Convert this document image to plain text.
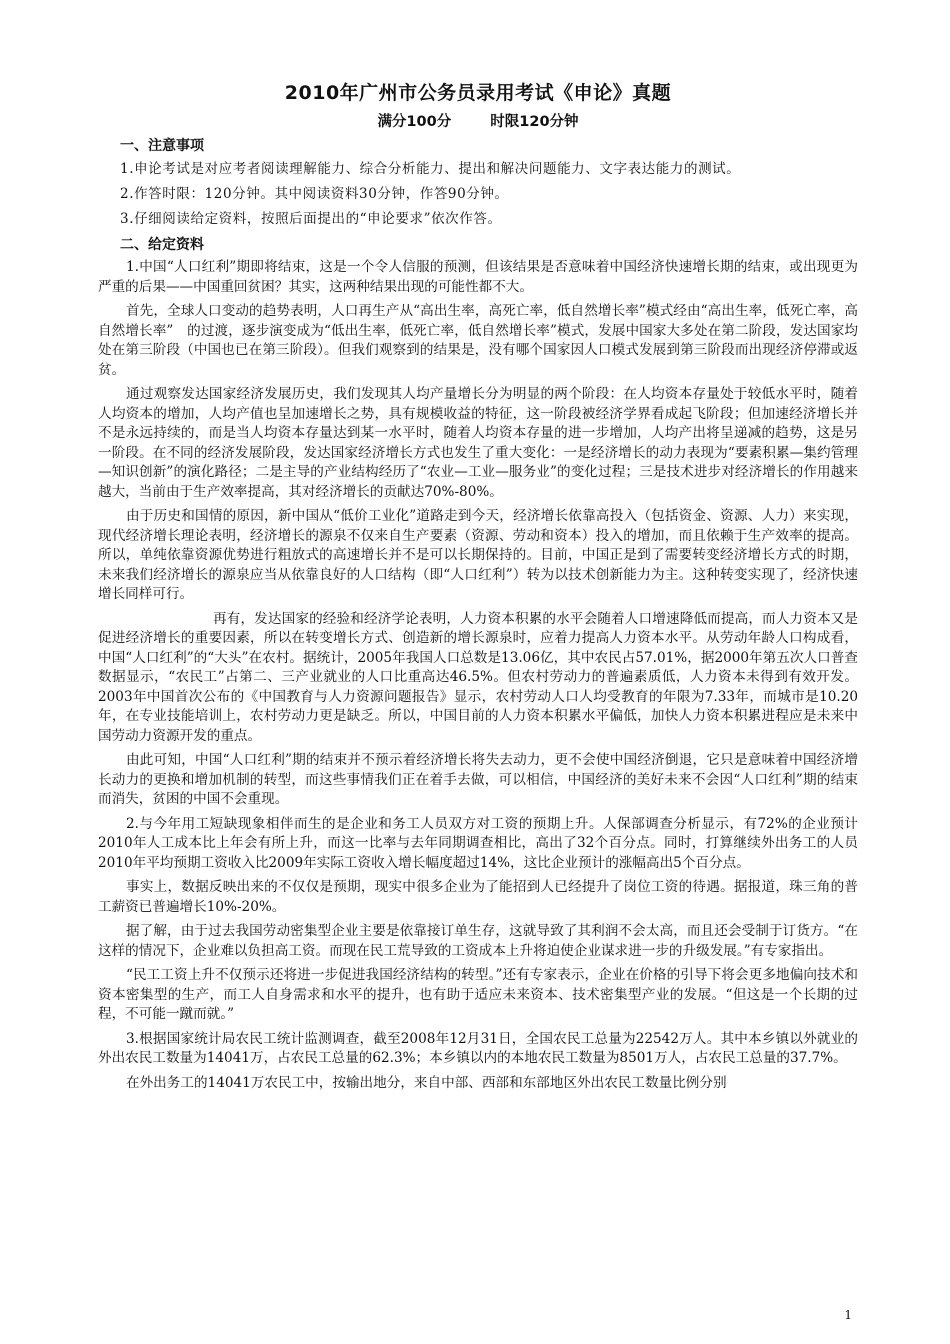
2010年广州市公务员录用考试《申论》真题
满分100分	时限120分钟
一、注意事项
1.申论考试是对应考者阅读理解能力、综合分析能力、提出和解决问题能力、文字表达能力的测试。
2.作答时限：120分钟。其中阅读资料30分钟，作答90分钟。
3.仔细阅读给定资料，按照后面提出的“申论要求”依次作答。
二、给定资料

1.中国“人口红利”期即将结束，这是一个令人信服的预测，但该结果是否意味着中国经济快速增长期的结束，或出现更为严重的后果——中国重回贫困？其实，这两种结果出现的可能性都不大。

首先，全球人口变动的趋势表明，人口再生产从“高出生率，高死亡率，低自然增长率”模式经由“高出生率，低死亡率，高自然增长率”　的过渡，逐步演变成为“低出生率，低死亡率，低自然增长率”模式，发展中国家大多处在第二阶段，发达国家均处在第三阶段（中国也已在第三阶段）。但我们观察到的结果是，没有哪个国家因人口模式发展到第三阶段而出现经济停滞或返贫。

通过观察发达国家经济发展历史，我们发现其人均产量增长分为明显的两个阶段：在人均资本存量处于较低水平时，随着人均资本的增加，人均产值也呈加速增长之势，具有规模收益的特征，这一阶段被经济学界看成起飞阶段；但加速经济增长并不是永远持续的，而是当人均资本存量达到某一水平时，随着人均资本存量的进一步增加，人均产出将呈递减的趋势，这是另一阶段。在不同的经济发展阶段，发达国家经济增长方式也发生了重大变化：一是经济增长的动力表现为“要素积累—集约管理—知识创新”的演化路径；二是主导的产业结构经历了“农业—工业—服务业”的变化过程；三是技术进步对经济增长的作用越来越大，当前由于生产效率提高，其对经济增长的贡献达70%-80%。

由于历史和国情的原因，新中国从“低价工业化”道路走到今天，经济增长依靠高投入（包括资金、资源、人力）来实现，现代经济增长理论表明，经济增长的源泉不仅来自生产要素（资源、劳动和资本）投入的增加，而且依赖于生产效率的提高。所以，单纯依靠资源优势进行粗放式的高速增长并不是可以长期保持的。目前，中国正是到了需要转变经济增长方式的时期，未来我们经济增长的源泉应当从依靠良好的人口结构（即“人口红利”）转为以技术创新能力为主。这种转变实现了，经济快速增长同样可行。

再有，发达国家的经验和经济学论表明，人力资本积累的水平会随着人口增速降低而提高，而人力资本又是促进经济增长的重要因素，所以在转变增长方式、创造新的增长源泉时，应着力提高人力资本水平。从劳动年龄人口构成看，中国“人口红利”的“大头”在农村。据统计，2005年我国人口总数是13.06亿，其中农民占57.01%，据2000年第五次人口普查数据显示，“农民工”占第二、三产业就业的人口比重高达46.5%。但农村劳动力的普遍素质低，人力资本未得到有效开发。2003年中国首次公布的《中国教育与人力资源问题报告》显示，农村劳动人口人均受教育的年限为7.33年，而城市是10.20年，在专业技能培训上，农村劳动力更是缺乏。所以，中国目前的人力资本积累水平偏低，加快人力资本积累进程应是未来中国劳动力资源开发的重点。

由此可知，中国“人口红利”期的结束并不预示着经济增长将失去动力，更不会使中国经济倒退，它只是意味着中国经济增长动力的更换和增加机制的转型，而这些事情我们正在着手去做，可以相信，中国经济的美好未来不会因“人口红利”期的结束而消失，贫困的中国不会重现。

2.与今年用工短缺现象相伴而生的是企业和务工人员双方对工资的预期上升。人保部调查分析显示，有72%的企业预计2010年人工成本比上年会有所上升，而这一比率与去年同期调查相比，高出了32个百分点。同时，打算继续外出务工的人员2010年平均预期工资收入比2009年实际工资收入增长幅度超过14%，这比企业预计的涨幅高出5个百分点。

事实上，数据反映出来的不仅仅是预期，现实中很多企业为了能招到人已经提升了岗位工资的待遇。据报道，珠三角的普工薪资已普遍增长10%-20%。

据了解，由于过去我国劳动密集型企业主要是依靠接订单生存，这就导致了其利润不会太高，而且还会受制于订货方。“在这样的情况下，企业难以负担高工资。而现在民工荒导致的工资成本上升将迫使企业谋求进一步的升级发展。”有专家指出。

“民工工资上升不仅预示还将进一步促进我国经济结构的转型。”还有专家表示，企业在价格的引导下将会更多地偏向技术和资本密集型的生产，而工人自身需求和水平的提升，也有助于适应未来资本、技术密集型产业的发展。“但这是一个长期的过程，不可能一蹴而就。”

3.根据国家统计局农民工统计监测调查，截至2008年12月31日，全国农民工总量为22542万人。其中本乡镇以外就业的外出农民工数量为14041万，占农民工总量的62.3%；本乡镇以内的本地农民工数量为8501万人，占农民工总量的37.7%。

在外出务工的14041万农民工中，按输出地分，来自中部、西部和东部地区外出农民工数量比例分别

1
